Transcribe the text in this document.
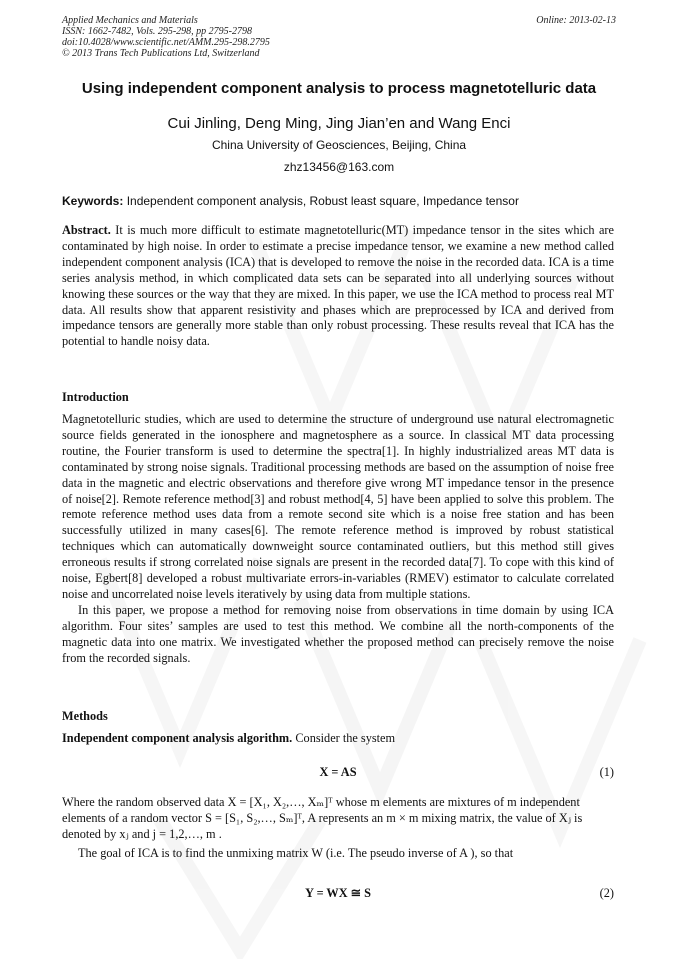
Applied Mechanics and Materials
ISSN: 1662-7482, Vols. 295-298, pp 2795-2798
doi:10.4028/www.scientific.net/AMM.295-298.2795
© 2013 Trans Tech Publications Ltd, Switzerland
Online: 2013-02-13
Using independent component analysis to process magnetotelluric data
Cui Jinling, Deng Ming, Jing Jian’en and Wang Enci
China University of Geosciences, Beijing, China
zhz13456@163.com
Keywords: Independent component analysis, Robust least square, Impedance tensor

Abstract. It is much more difficult to estimate magnetotelluric(MT) impedance tensor in the sites which are contaminated by high noise. In order to estimate a precise impedance tensor, we examine a new method called independent component analysis (ICA) that is developed to remove the noise in the recorded data. ICA is a time series analysis method, in which complicated data sets can be separated into all underlying sources without knowing these sources or the way that they are mixed. In this paper, we use the ICA method to process real MT data. All results show that apparent resistivity and phases which are preprocessed by ICA and derived from impedance tensors are generally more stable than only robust processing. These results reveal that ICA has the potential to handle noisy data.

Introduction

Magnetotelluric studies, which are used to determine the structure of underground use natural electromagnetic source fields generated in the ionosphere and magnetosphere as a source. In classical MT data processing routine, the Fourier transform is used to determine the spectra[1]. In highly industrialized areas MT data is contaminated by strong noise signals. Traditional processing methods are based on the assumption of noise free data in the magnetic and electric observations and therefore give wrong MT impedance tensor in the presence of noise[2]. Remote reference method[3] and robust method[4, 5] have been applied to solve this problem. The remote reference method uses data from a remote second site which is a noise free station and has been successfully utilized in many cases[6]. The remote reference method is improved by robust statistical techniques which can automatically downweight source contaminated outliers, but this method still gives erroneous results if strong correlated noise signals are present in the recorded data[7]. To cope with this kind of noise, Egbert[8] developed a robust multivariate errors-in-variables (RMEV) estimator to calculate correlated noise and uncorrelated noise levels iteratively by using data from multiple stations.

In this paper, we propose a method for removing noise from observations in time domain by using ICA algorithm. Four sites’ samples are used to test this method. We combine all the north-components of the magnetic data into one matrix. We investigated whether the proposed method can precisely remove the noise from the recorded signals.

Methods

Independent component analysis algorithm. Consider the system

X = AS	(1)

Where the random observed data X = [X₁, X₂,…, Xₘ]ᵀ whose m elements are mixtures of m independent

elements of a random vector S = [S₁, S₂,…, Sₘ]ᵀ, A represents an m × m mixing matrix, the value of Xⱼ is

denoted by xⱼ and j = 1,2,…, m .

The goal of ICA is to find the unmixing matrix W (i.e. The pseudo inverse of A ), so that

Y = WX ≅ S	(2)
